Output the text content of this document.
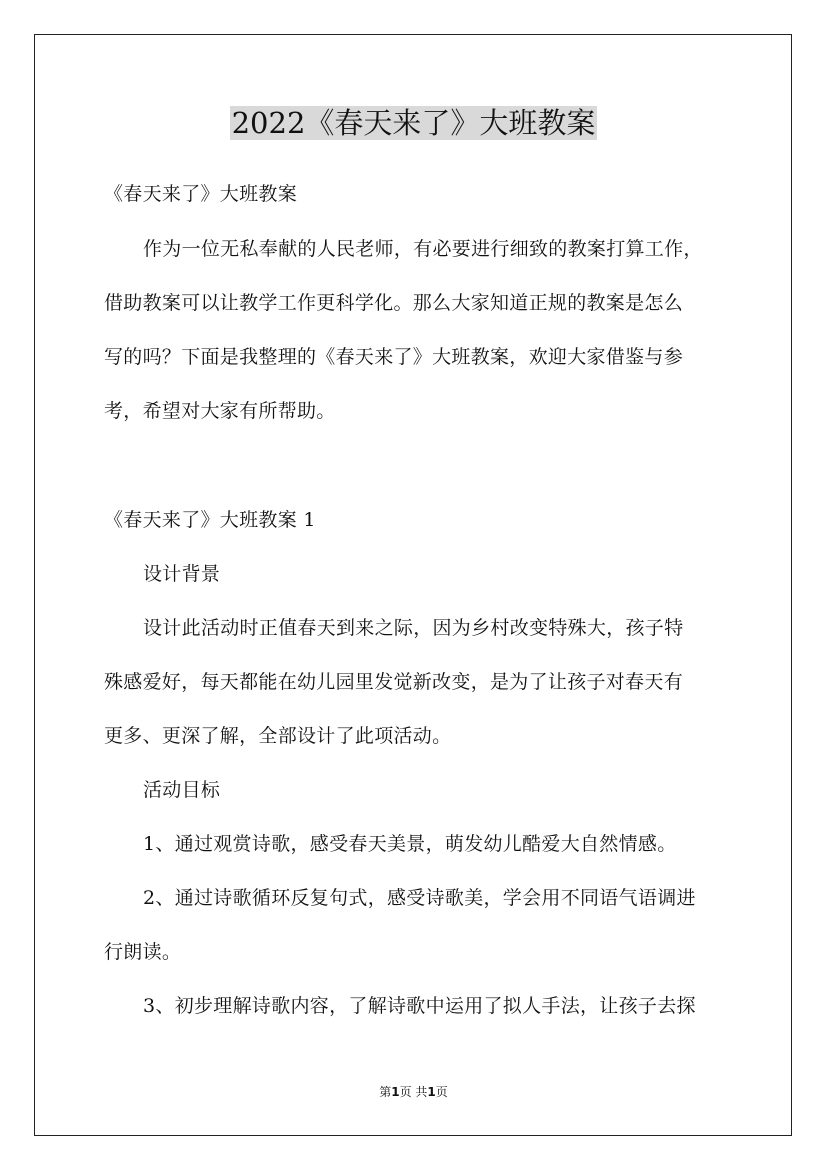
2022《春天来了》大班教案
《春天来了》大班教案
作为一位无私奉献的人民老师，有必要进行细致的教案打算工作，
借助教案可以让教学工作更科学化。那么大家知道正规的教案是怎么
写的吗？下面是我整理的《春天来了》大班教案，欢迎大家借鉴与参
考，希望对大家有所帮助。
《春天来了》大班教案 1
设计背景
设计此活动时正值春天到来之际，因为乡村改变特殊大，孩子特
殊感爱好，每天都能在幼儿园里发觉新改变，是为了让孩子对春天有
更多、更深了解，全部设计了此项活动。
活动目标
1、通过观赏诗歌，感受春天美景，萌发幼儿酷爱大自然情感。
2、通过诗歌循环反复句式，感受诗歌美，学会用不同语气语调进
行朗读。
3、初步理解诗歌内容，了解诗歌中运用了拟人手法，让孩子去探
第1页 共1页
